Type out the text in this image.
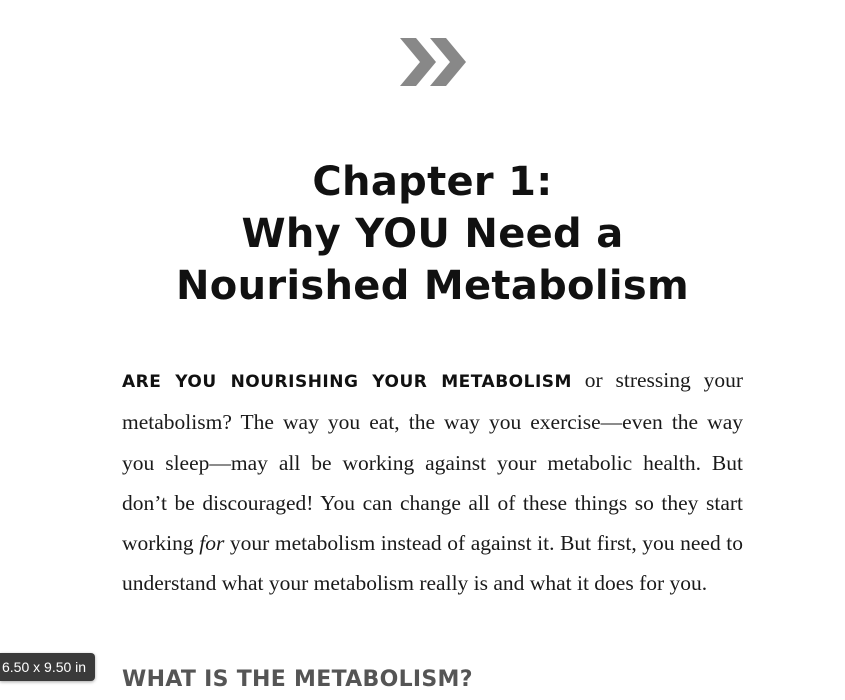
Chapter 1:
Why YOU Need a
Nourished Metabolism

ARE YOU NOURISHING YOUR METABOLISM or stressing your metabolism? The way you eat, the way you exercise—even the way you sleep—may all be working against your metabolic health. But don’t be discouraged! You can change all of these things so they start working for your metabolism instead of against it. But first, you need to understand what your metabolism really is and what it does for you.

WHAT IS THE METABOLISM?
6.50 x 9.50 in
